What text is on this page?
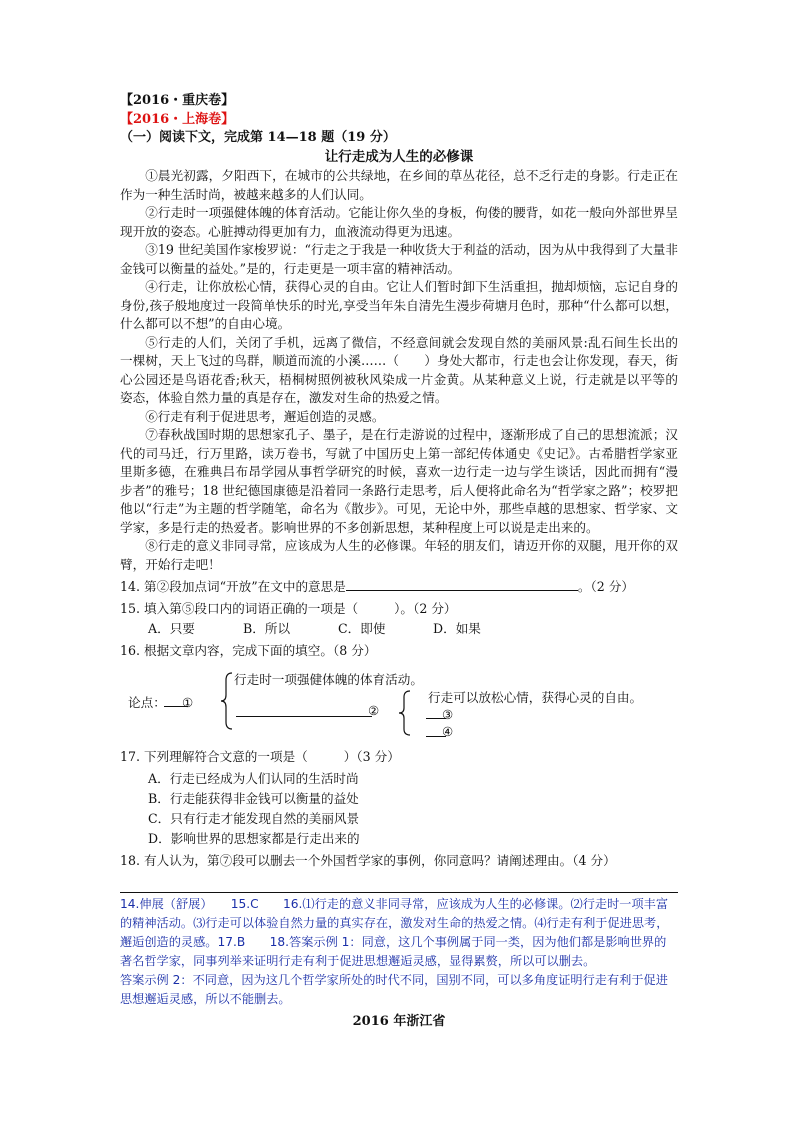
【2016・重庆卷】
【2016・上海卷】
（一）阅读下文，完成第 14—18 题（19 分）
让行走成为人生的必修课

①晨光初露，夕阳西下，在城市的公共绿地，在乡间的草丛花径，总不乏行走的身影。行走正在作为一种生活时尚，被越来越多的人们认同。

②行走时一项强健体魄的体育活动。它能让你久坐的身板，佝偻的腰背，如花一般向外部世界呈现开放的姿态。心脏搏动得更加有力，血液流动得更为迅速。

③19 世纪美国作家梭罗说：“行走之于我是一种收货大于利益的活动，因为从中我得到了大量非金钱可以衡量的益处。”是的，行走更是一项丰富的精神活动。

④行走，让你放松心情，获得心灵的自由。它让人们暂时卸下生活重担，抛却烦恼，忘记自身的身份,孩子般地度过一段简单快乐的时光,享受当年朱自清先生漫步荷塘月色时，那种“什么都可以想，什么都可以不想”的自由心境。

⑤行走的人们，关闭了手机，远离了微信，不经意间就会发现自然的美丽风景:乱石间生长出的一棵树，天上飞过的鸟群，顺道而流的小溪……（　　）身处大都市，行走也会让你发现，春天，街心公园还是鸟语花香;秋天，梧桐树照例被秋风染成一片金黄。从某种意义上说，行走就是以平等的姿态，体验自然力量的真是存在，激发对生命的热爱之情。

⑥行走有利于促进思考，邂逅创造的灵感。

⑦春秋战国时期的思想家孔子、墨子，是在行走游说的过程中，逐渐形成了自己的思想流派；汉代的司马迁，行万里路，读万卷书，写就了中国历史上第一部纪传体通史《史记》。古希腊哲学家亚里斯多德，在雅典吕布昂学园从事哲学研究的时候，喜欢一边行走一边与学生谈话，因此而拥有“漫步者”的雅号；18 世纪德国康德是沿着同一条路行走思考，后人便将此命名为“哲学家之路”；校罗把他以“行走”为主题的哲学随笔，命名为《散步》。可见，无论中外，那些卓越的思想家、哲学家、文学家，多是行走的热爱者。影响世界的不多创新思想，某种程度上可以说是走出来的。

⑧行走的意义非同寻常，应该成为人生的必修课。年轻的朋友们，请迈开你的双腿，甩开你的双臂，开始行走吧！

14. 第②段加点词“开放”在文中的意思是	。（2 分）
15. 填入第⑤段口内的词语正确的一项是（	）。（2 分）
A．只要	B．所以	C．即使	D．如果
16. 根据文章内容，完成下面的填空。（8 分）
论点： ①
行走时一项强健体魄的体育活动。
②
行走可以放松心情，获得心灵的自由。
③
④
17. 下列理解符合文意的一项是（	）（3 分）
A．行走已经成为人们认同的生活时尚
B．行走能获得非金钱可以衡量的益处
C．只有行走才能发现自然的美丽风景
D．影响世界的思想家都是行走出来的
18. 有人认为，第⑦段可以删去一个外国哲学家的事例，你同意吗？请阐述理由。（4 分）

14.伸展（舒展）　　15.C　　16.⑴行走的意义非同寻常，应该成为人生的必修课。⑵行走时一项丰富的精神活动。⑶行走可以体验自然力量的真实存在，激发对生命的热爱之情。⑷行走有利于促进思考，邂逅创造的灵感。17.B　　18.答案示例 1：同意，这几个事例属于同一类，因为他们都是影响世界的著名哲学家，同事列举来证明行走有利于促进思想邂逅灵感，显得累赘，所以可以删去。

答案示例 2：不同意，因为这几个哲学家所处的时代不同，国别不同，可以多角度证明行走有利于促进思想邂逅灵感，所以不能删去。

2016 年浙江省
